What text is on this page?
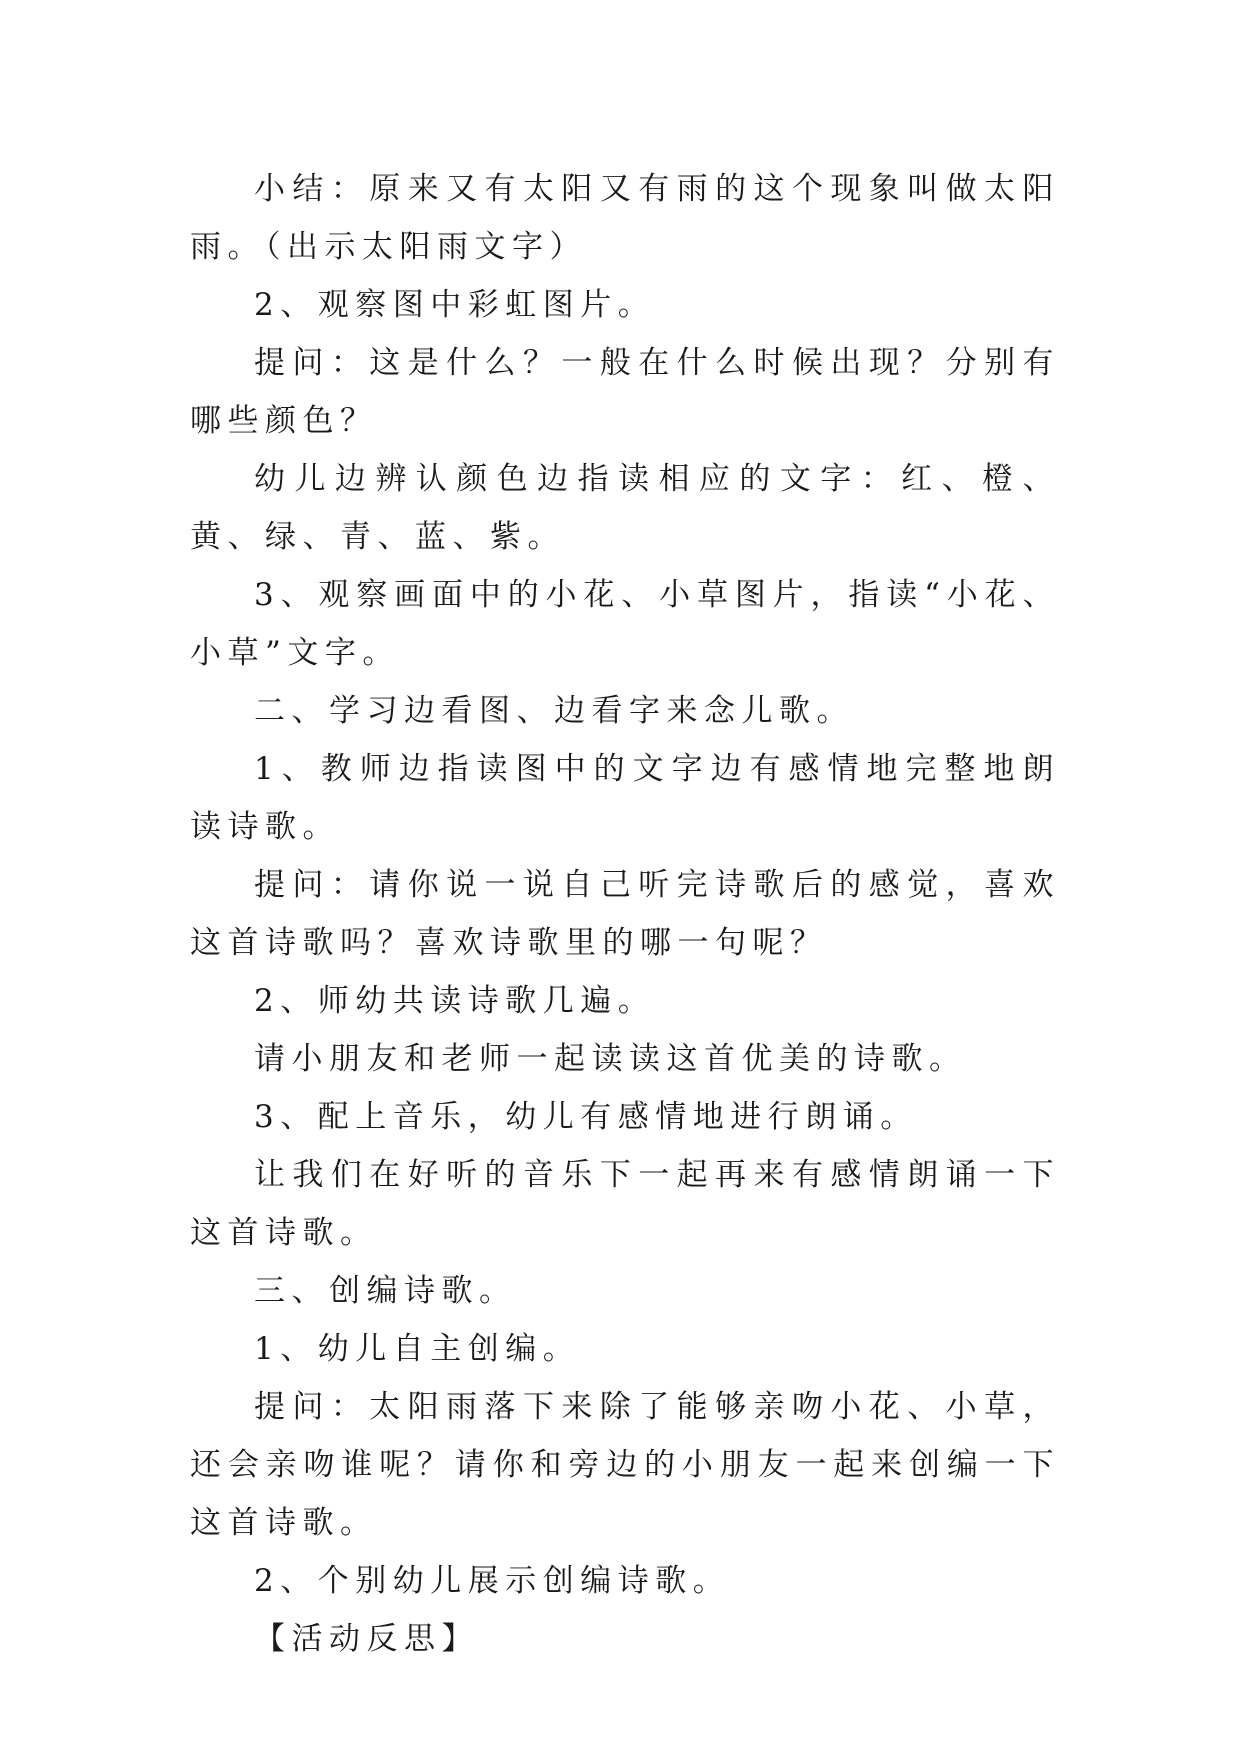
小结：原来又有太阳又有雨的这个现象叫做太阳雨。（出示太阳雨文字）

2、观察图中彩虹图片。

提问：这是什么？一般在什么时候出现？分别有哪些颜色？

幼儿边辨认颜色边指读相应的文字：红、橙、黄、绿、青、蓝、紫。

3、观察画面中的小花、小草图片，指读“小花、小草”文字。

二、学习边看图、边看字来念儿歌。

1、教师边指读图中的文字边有感情地完整地朗读诗歌。

提问：请你说一说自己听完诗歌后的感觉，喜欢这首诗歌吗？喜欢诗歌里的哪一句呢？

2、师幼共读诗歌几遍。

请小朋友和老师一起读读这首优美的诗歌。

3、配上音乐，幼儿有感情地进行朗诵。

让我们在好听的音乐下一起再来有感情朗诵一下这首诗歌。

三、创编诗歌。

1、幼儿自主创编。

提问：太阳雨落下来除了能够亲吻小花、小草，还会亲吻谁呢？请你和旁边的小朋友一起来创编一下这首诗歌。

2、个别幼儿展示创编诗歌。

【活动反思】
